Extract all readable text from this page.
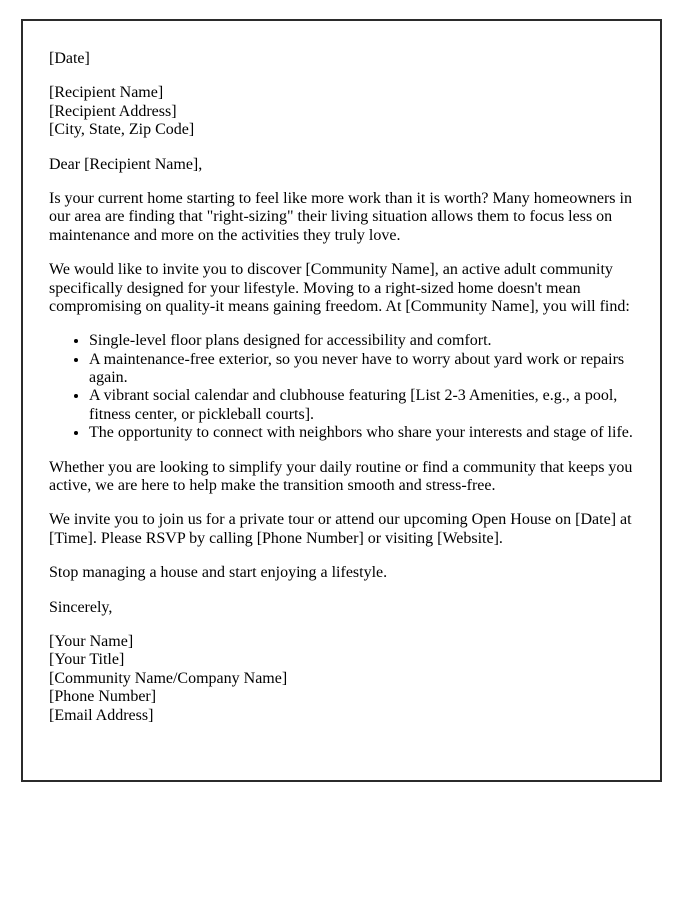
[Date]

[Recipient Name]
[Recipient Address]
[City, State, Zip Code]

Dear [Recipient Name],

Is your current home starting to feel like more work than it is worth? Many homeowners in our area are finding that "right-sizing" their living situation allows them to focus less on maintenance and more on the activities they truly love.

We would like to invite you to discover [Community Name], an active adult community specifically designed for your lifestyle. Moving to a right-sized home doesn't mean compromising on quality-it means gaining freedom. At [Community Name], you will find:

• Single-level floor plans designed for accessibility and comfort.
• A maintenance-free exterior, so you never have to worry about yard work or repairs again.
• A vibrant social calendar and clubhouse featuring [List 2-3 Amenities, e.g., a pool, fitness center, or pickleball courts].
• The opportunity to connect with neighbors who share your interests and stage of life.

Whether you are looking to simplify your daily routine or find a community that keeps you active, we are here to help make the transition smooth and stress-free.

We invite you to join us for a private tour or attend our upcoming Open House on [Date] at [Time]. Please RSVP by calling [Phone Number] or visiting [Website].

Stop managing a house and start enjoying a lifestyle.

Sincerely,

[Your Name]
[Your Title]
[Community Name/Company Name]
[Phone Number]
[Email Address]
